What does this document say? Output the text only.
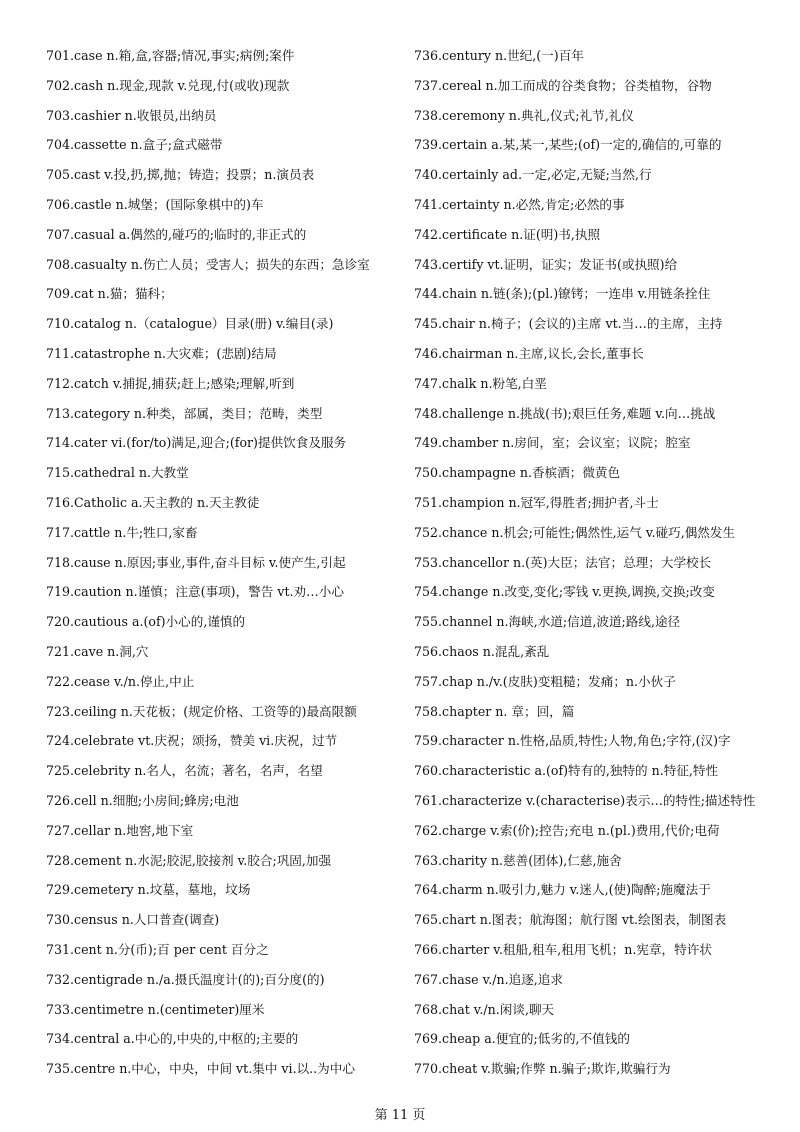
701.case n.箱,盒,容器;情况,事实;病例;案件
702.cash n.现金,现款 v.兑现,付(或收)现款
703.cashier n.收银员,出纳员
704.cassette n.盒子;盒式磁带
705.cast v.投,扔,掷,抛；铸造；投票；n.演员表
706.castle n.城堡；(国际象棋中的)车
707.casual a.偶然的,碰巧的;临时的,非正式的
708.casualty n.伤亡人员；受害人；损失的东西；急诊室
709.cat n.猫；猫科；
710.catalog n.（catalogue）目录(册) v.编目(录)
711.catastrophe n.大灾难；(悲剧)结局
712.catch v.捕捉,捕获;赶上;感染;理解,听到
713.category n.种类，部属，类目；范畴，类型
714.cater vi.(for/to)满足,迎合;(for)提供饮食及服务
715.cathedral n.大教堂
716.Catholic a.天主教的 n.天主教徒
717.cattle n.牛;牲口,家畜
718.cause n.原因;事业,事件,奋斗目标 v.使产生,引起
719.caution n.谨慎；注意(事项)，警告 vt.劝…小心
720.cautious a.(of)小心的,谨慎的
721.cave n.洞,穴
722.cease v./n.停止,中止
723.ceiling n.天花板；(规定价格、工资等的)最高限额
724.celebrate vt.庆祝；颂扬，赞美 vi.庆祝，过节
725.celebrity n.名人，名流；著名，名声，名望
726.cell n.细胞;小房间;蜂房;电池
727.cellar n.地窖,地下室
728.cement n.水泥;胶泥,胶接剂 v.胶合;巩固,加强
729.cemetery n.坟墓，墓地，坟场
730.census n.人口普查(调查)
731.cent n.分(币);百 per cent 百分之
732.centigrade n./a.摄氏温度计(的);百分度(的)
733.centimetre n.(centimeter)厘米
734.central a.中心的,中央的,中枢的;主要的
735.centre n.中心，中央，中间 vt.集中 vi.以..为中心
736.century n.世纪,(一)百年
737.cereal n.加工而成的谷类食物；谷类植物，谷物
738.ceremony n.典礼,仪式;礼节,礼仪
739.certain a.某,某一,某些;(of)一定的,确信的,可靠的
740.certainly ad.一定,必定,无疑;当然,行
741.certainty n.必然,肯定;必然的事
742.certificate n.证(明)书,执照
743.certify vt.证明，证实；发证书(或执照)给
744.chain n.链(条);(pl.)镣铐；一连串 v.用链条拴住
745.chair n.椅子；(会议的)主席 vt.当…的主席，主持
746.chairman n.主席,议长,会长,董事长
747.chalk n.粉笔,白垩
748.challenge n.挑战(书);艰巨任务,难题 v.向…挑战
749.chamber n.房间，室；会议室；议院；腔室
750.champagne n.香槟酒；微黄色
751.champion n.冠军,得胜者;拥护者,斗士
752.chance n.机会;可能性;偶然性,运气 v.碰巧,偶然发生
753.chancellor n.(英)大臣；法官；总理；大学校长
754.change n.改变,变化;零钱 v.更换,调换,交换;改变
755.channel n.海峡,水道;信道,波道;路线,途径
756.chaos n.混乱,紊乱
757.chap n./v.(皮肤)变粗糙；发痛；n.小伙子
758.chapter n. 章；回，篇
759.character n.性格,品质,特性;人物,角色;字符,(汉)字
760.characteristic a.(of)特有的,独特的 n.特征,特性
761.characterize v.(characterise)表示…的特性;描述特性
762.charge v.索(价);控告;充电 n.(pl.)费用,代价;电荷
763.charity n.慈善(团体),仁慈,施舍
764.charm n.吸引力,魅力 v.迷人,(使)陶醉;施魔法于
765.chart n.图表；航海图；航行图 vt.绘图表，制图表
766.charter v.租船,租车,租用飞机；n.宪章，特许状
767.chase v./n.追逐,追求
768.chat v./n.闲谈,聊天
769.cheap a.便宜的;低劣的,不值钱的
770.cheat v.欺骗;作弊 n.骗子;欺诈,欺骗行为
第 11 页
